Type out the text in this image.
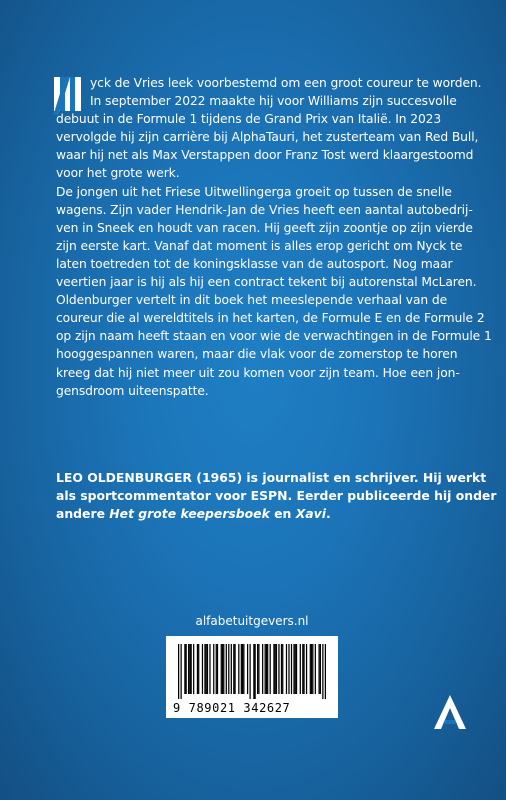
yck de Vries leek voorbestemd om een groot coureur te worden.

In september 2022 maakte hij voor Williams zijn succesvolle

debuut in de Formule 1 tijdens de Grand Prix van Italië. In 2023

vervolgde hij zijn carrière bij AlphaTauri, het zusterteam van Red Bull,

waar hij net als Max Verstappen door Franz Tost werd klaargestoomd

voor het grote werk.

De jongen uit het Friese Uitwellingerga groeit op tussen de snelle

wagens. Zijn vader Hendrik-Jan de Vries heeft een aantal autobedrij-

ven in Sneek en houdt van racen. Hij geeft zijn zoontje op zijn vierde

zijn eerste kart. Vanaf dat moment is alles erop gericht om Nyck te

laten toetreden tot de koningsklasse van de autosport. Nog maar

veertien jaar is hij als hij een contract tekent bij autorenstal McLaren.

Oldenburger vertelt in dit boek het meeslepende verhaal van de

coureur die al wereldtitels in het karten, de Formule E en de Formule 2

op zijn naam heeft staan en voor wie de verwachtingen in de Formule 1

hooggespannen waren, maar die vlak voor de zomerstop te horen

kreeg dat hij niet meer uit zou komen voor zijn team. Hoe een jon-

gensdroom uiteenspatte.

LEO OLDENBURGER (1965) is journalist en schrijver. Hij werkt

als sportcommentator voor ESPN. Eerder publiceerde hij onder

andere Het grote keepersboek en Xavi.

alfabetuitgevers.nl
9 789021 342627
